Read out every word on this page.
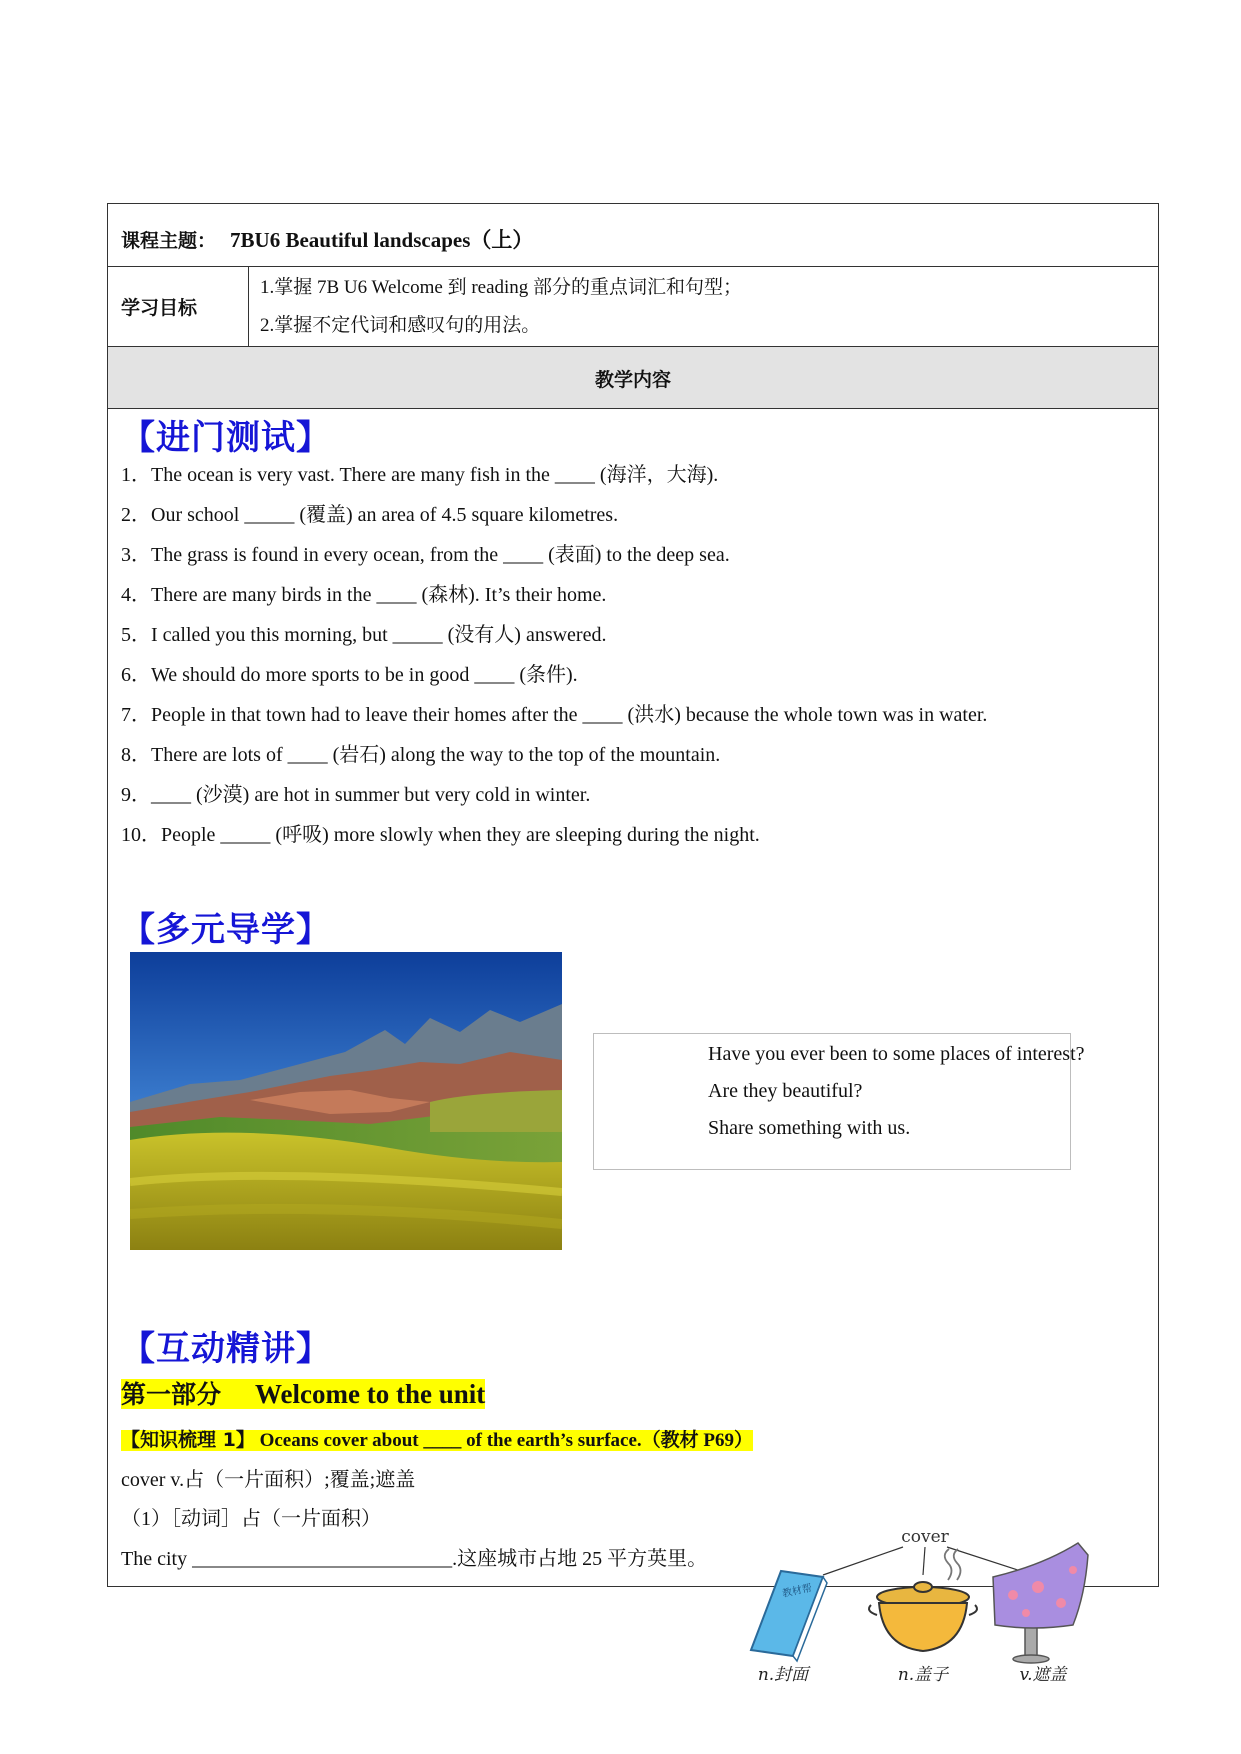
课程主题： 7BU6 Beautiful landscapes（上）
学习目标
1.掌握 7B U6 Welcome 到 reading 部分的重点词汇和句型；
2.掌握不定代词和感叹句的用法。
教学内容
【进门测试】
1．The ocean is very vast. There are many fish in the ____ (海洋，大海).
2．Our school _____ (覆盖) an area of 4.5 square kilometres.
3．The grass is found in every ocean, from the ____ (表面) to the deep sea.
4．There are many birds in the ____ (森林). It’s their home.
5．I called you this morning, but _____ (没有人) answered.
6．We should do more sports to be in good ____ (条件).
7．People in that town had to leave their homes after the ____ (洪水) because the whole town was in water.
8．There are lots of ____ (岩石) along the way to the top of the mountain.
9．____ (沙漠) are hot in summer but very cold in winter.
10．People _____ (呼吸) more slowly when they are sleeping during the night.
【多元导学】
Have you ever been to some places of interest?
Are they beautiful?
Share something with us.
【互动精讲】
第一部分 Welcome to the unit
【知识梳理 1】 Oceans cover about ____ of the earth’s surface.（教材 P69）
cover v.占（一片面积）;覆盖;遮盖
（1）［动词］占（一片面积）
The city __________________________.这座城市占地 25 平方英里。
cover
教材帮
n.封面	n.盖子	v.遮盖
